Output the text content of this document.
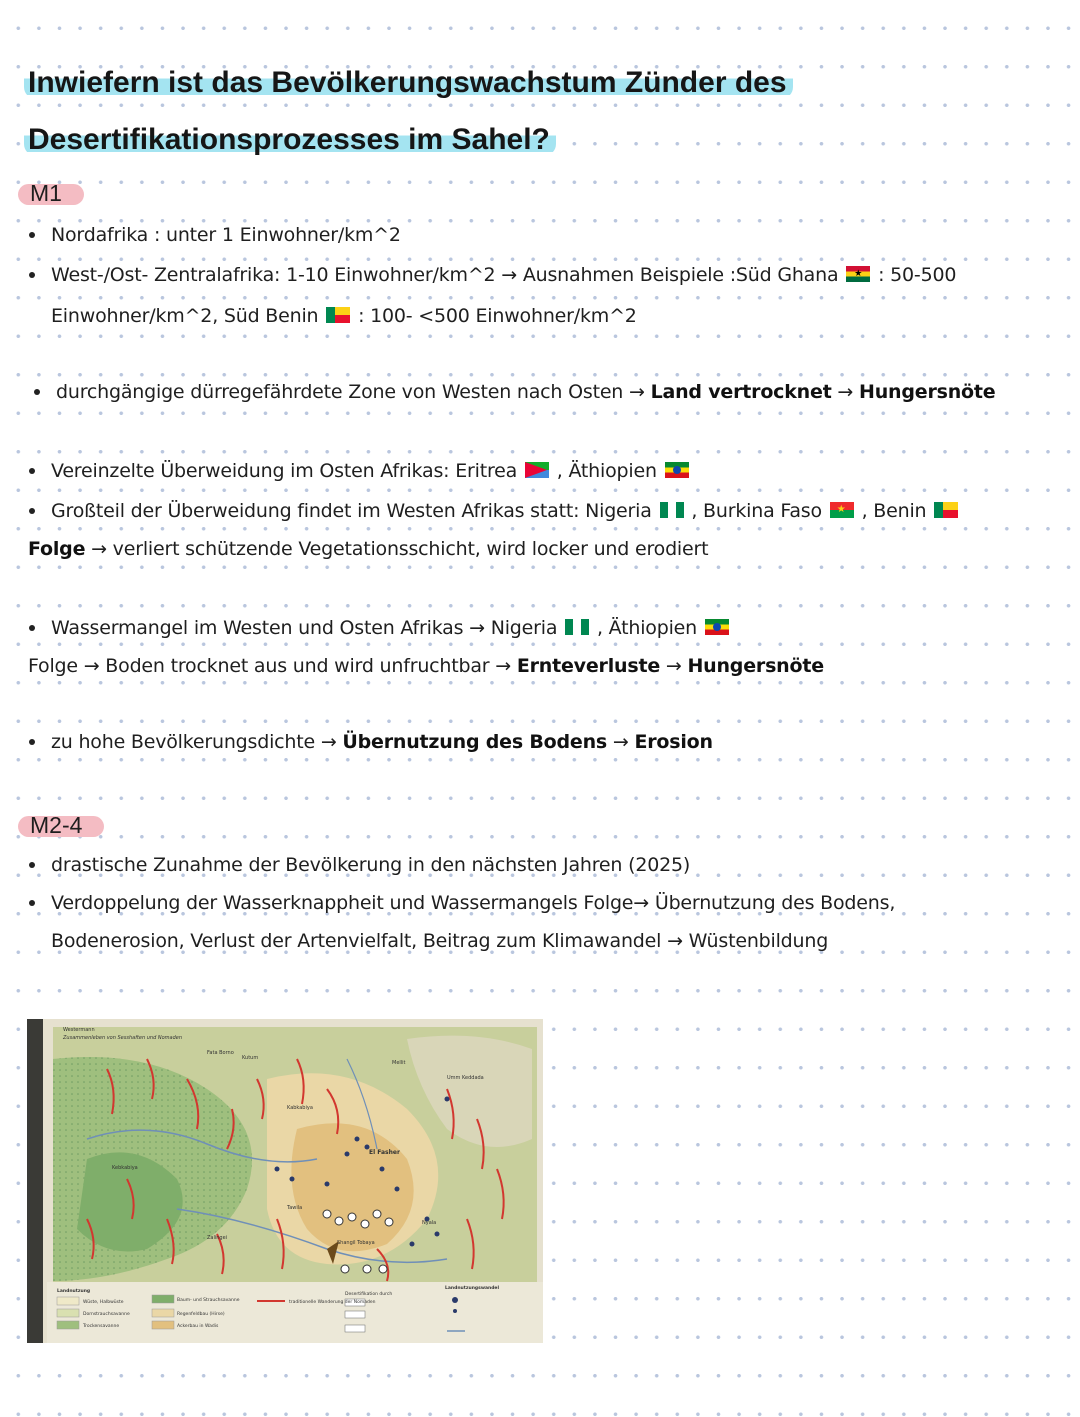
Inwiefern ist das Bevölkerungswachstum Zünder des
Desertifikationsprozesses im Sahel?
M1
Nordafrika : unter 1 Einwohner/km^2
West-/Ost- Zentralafrika: 1-10 Einwohner/km^2 → Ausnahmen Beispiele :Süd Ghana ★ : 50-500
Einwohner/km^2, Süd Benin : 100- <500 Einwohner/km^2
durchgängige dürregefährdete Zone von Westen nach Osten → Land vertrocknet → Hungersnöte
Vereinzelte Überweidung im Osten Afrikas: Eritrea , Äthiopien
Großteil der Überweidung findet im Westen Afrikas statt: Nigeria , Burkina Faso ★ , Benin
Folge → verliert schützende Vegetationsschicht, wird locker und erodiert
Wassermangel im Westen und Osten Afrikas → Nigeria , Äthiopien
Folge → Boden trocknet aus und wird unfruchtbar → Ernteverluste → Hungersnöte
zu hohe Bevölkerungsdichte → Übernutzung des Bodens → Erosion
M2-4
drastische Zunahme der Bevölkerung in den nächsten Jahren (2025)
Verdoppelung der Wasserknappheit und Wassermangels Folge→ Übernutzung des Bodens,
Bodenerosion, Verlust der Artenvielfalt, Beitrag zum Klimawandel → Wüstenbildung
Westermann
Zusammenleben von Sesshaften und Nomaden
Fata Borno
Kutum
Kebkabiya
Kabkabiya
Mellit
Umm Keddada
El Fasher
Tawila
Shangil Tobaya
Nyala
Zalingei
Landnutzung
Wüste, Halbwüste
Dornstrauchsavanne
Trockensavanne
Baum- und Strauchsavanne
Regenfeldbau (Hirse)
Ackerbau in Wadis
traditionelle Wanderung der Nomaden
Desertifikation durch
Landnutzungswandel
